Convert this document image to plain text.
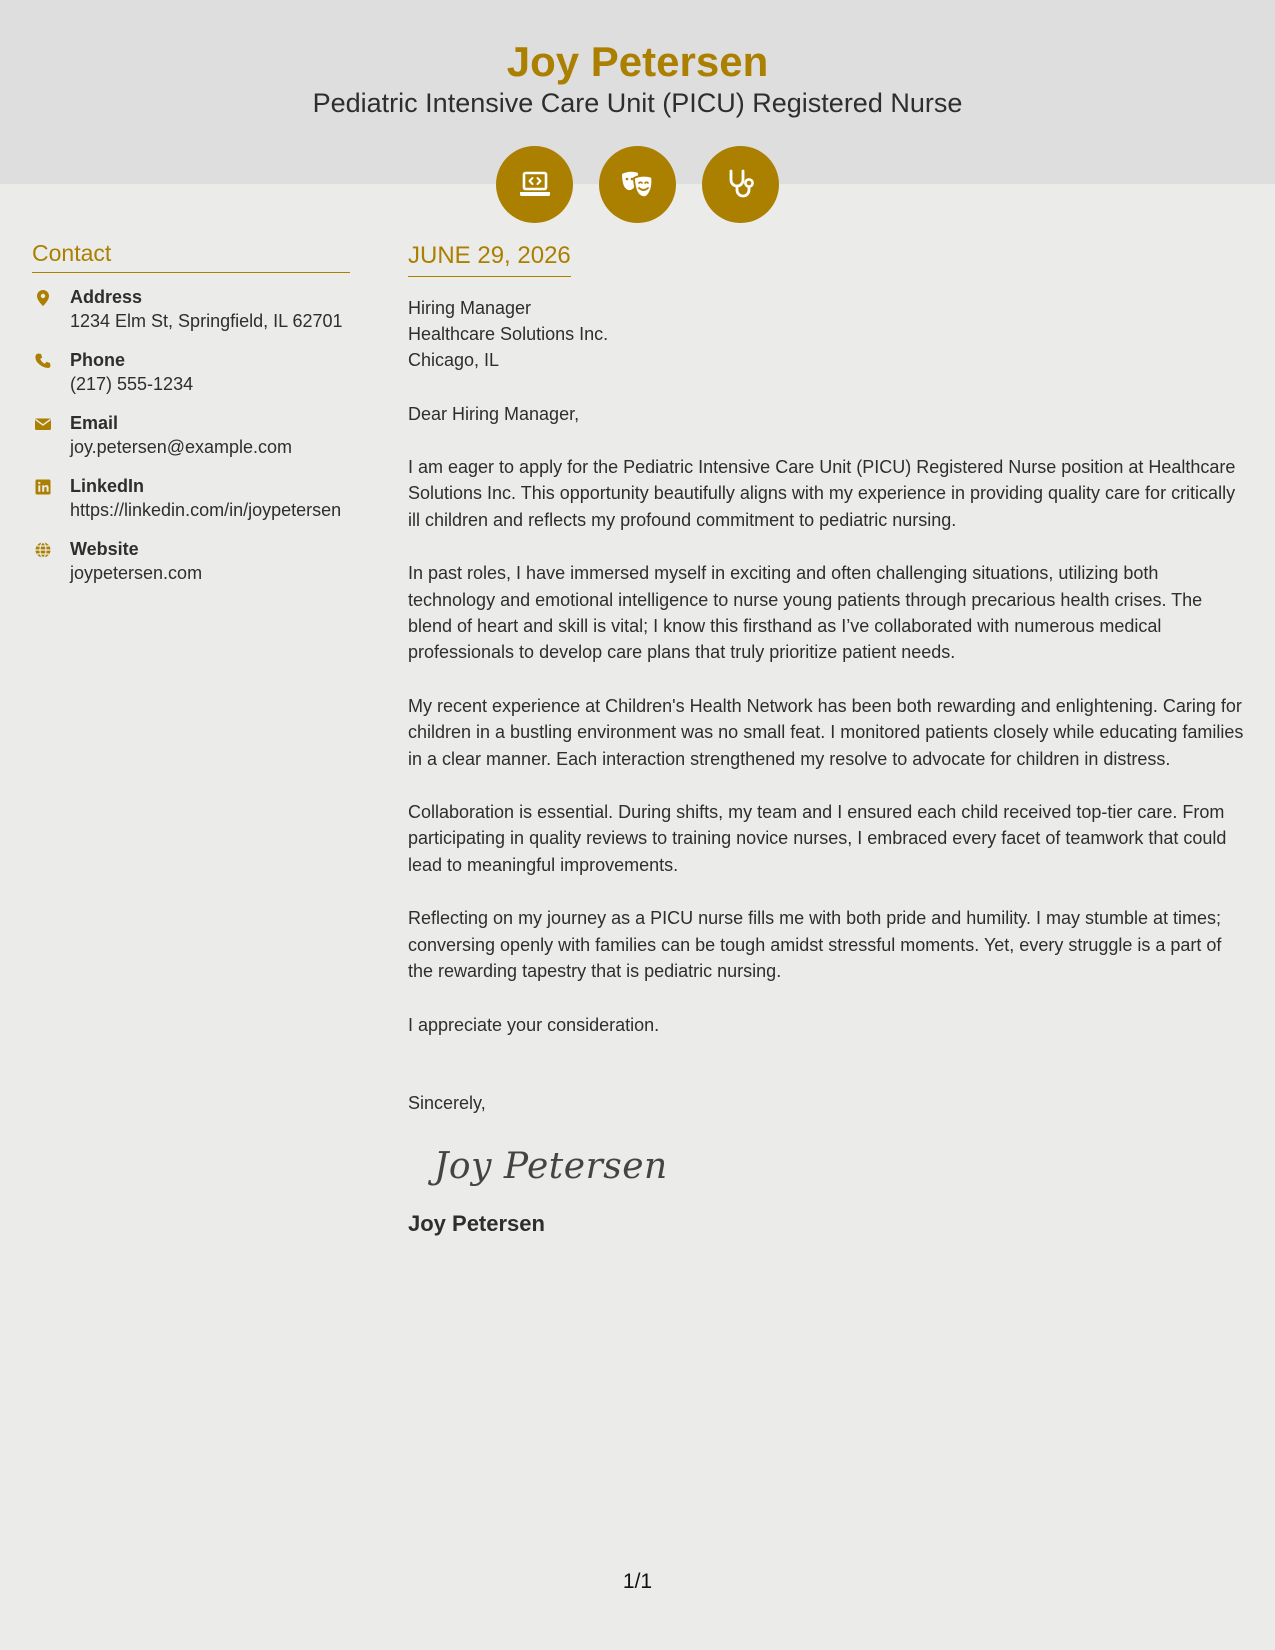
Joy Petersen
Pediatric Intensive Care Unit (PICU) Registered Nurse
Contact
Address
1234 Elm St, Springfield, IL 62701
Phone
(217) 555-1234
Email
joy.petersen@example.com
LinkedIn
https://linkedin.com/in/joypetersen
Website
joypetersen.com
JUNE 29, 2026
Hiring Manager
Healthcare Solutions Inc.
Chicago, IL
Dear Hiring Manager,
I am eager to apply for the Pediatric Intensive Care Unit (PICU) Registered Nurse position at Healthcare Solutions Inc. This opportunity beautifully aligns with my experience in providing quality care for critically ill children and reflects my profound commitment to pediatric nursing.
In past roles, I have immersed myself in exciting and often challenging situations, utilizing both technology and emotional intelligence to nurse young patients through precarious health crises. The blend of heart and skill is vital; I know this firsthand as I’ve collaborated with numerous medical professionals to develop care plans that truly prioritize patient needs.
My recent experience at Children's Health Network has been both rewarding and enlightening. Caring for children in a bustling environment was no small feat. I monitored patients closely while educating families in a clear manner. Each interaction strengthened my resolve to advocate for children in distress.
Collaboration is essential. During shifts, my team and I ensured each child received top-tier care. From participating in quality reviews to training novice nurses, I embraced every facet of teamwork that could lead to meaningful improvements.
Reflecting on my journey as a PICU nurse fills me with both pride and humility. I may stumble at times; conversing openly with families can be tough amidst stressful moments. Yet, every struggle is a part of the rewarding tapestry that is pediatric nursing.
I appreciate your consideration.
Sincerely,
Joy Petersen
Joy Petersen
1/1
